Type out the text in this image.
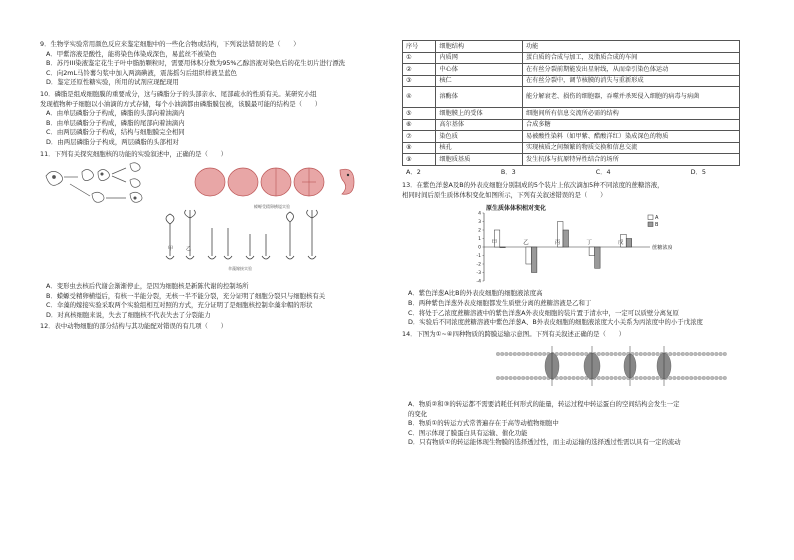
9．生物学实验常用颜色反应来鉴定细胞中的一些化合物或结构，下列说法错误的是（　　）

A．甲紫溶液是酸性，能将染色体染成深色，易蓝丝不被染色

B．苏丹III染液鉴定花生子叶中脂肪颗粒时，需要用体积分数为95%乙醇溶液对染色后的花生切片进行漂洗

C．向2mL马铃薯匀浆中加入两滴碘液，震荡摇匀后组织样液呈蓝色

D．鉴定还原性糖实验，所用的试剂应现配现用

10．磷脂是组成细胞膜的重要成分，这与磷脂分子的头部亲水、尾部疏水的性质有关。某研究小组

发现植物种子细胞以小油滴的方式存储，每个小油滴都由磷脂膜包被，该膜最可能的结构是（　　）

A．由单层磷脂分子构成，磷脂的头部向着油滴内

B．由单层磷脂分子构成，磷脂的尾部向着油滴内

C．由两层磷脂分子构成，结构与细胞膜完全相同

D．由两层磷脂分子构成，两层磷脂的头部相对

11．下列有关探究细胞核的功能的实验叙述中，正确的是（　　）

蝾螈受精卵横缢实验
甲	乙
伞藻嫁接实验

A．变形虫去核后代谢会渐渐停止，是因为细胞核是新陈代谢的控制场所

B．蝾螈受精卵横缢后，有核一半能分裂，无核一半不能分裂，充分证明了细胞分裂只与细胞核有关

C．伞藻的嫁接实验采取两个实验组相互对照的方式，充分证明了是细胞核控制伞藻伞帽的形状

D．对真核细胞来说，失去了细胞核不代表失去了分裂能力

12．表中动物细胞的部分结构与其功能配对错误的有几项（　　）

序号	细胞结构	功能
①	内质网	蛋白质的合成与加工，及脂质合成的车间
②	中心体	在有丝分裂前期能发出星射线，从而牵引染色体运动
③	核仁	在有丝分裂中，调节核膜的消失与重新形成
④	溶酶体	能分解衰老、损伤的细胞器，吞噬并杀死侵入细胞的病毒与病菌
⑤	细胞膜上的受体	细胞间所有信息交流所必需的结构
⑥	高尔基体	合成多糖
⑦	染色质	易被酸性染料（如甲紫、醋酸洋红）染成深色的物质
⑧	核孔	实现核质之间频繁的物质交换和信息交流
⑨	细胞质基质	发生抗体与抗原特异性结合的场所
A．2	B．3	C．4	D．5

13．在紫色洋葱A及B的外表皮细胞分别制成的5个装片上依次滴加5种不同浓度的蔗糖溶液，

相同时间后原生质体体积变化如图所示，下列有关叙述错误的是（　　）

原生质体体积相对变化
蔗糖浓度
4
3
2
1
0
-1
-2
-3
-4
甲	乙	丙	丁	戊
A
B

A．紫色洋葱A比B的外表皮细胞的细胞液浓度高

B．两种紫色洋葱外表皮细胞都发生质壁分离的蔗糖溶液是乙和丁

C．将处于乙浓度蔗糖溶液中的紫色洋葱A外表皮细胞的装片置于清水中，一定可以质壁分离复原

D．实验后不同浓度蔗糖溶液中紫色洋葱A、B外表皮细胞的细胞液浓度大小关系为丙浓度中的小于戊浓度

14．下图为①~④四种物质的跨膜运输示意图。下列有关叙述正确的是（　　）

A．物质②和③的转运都不需要消耗任何形式的能量，转运过程中转运蛋白的空间结构会发生一定

的变化

B．物质①的转运方式常普遍存在于高等动植物细胞中

C．图示体现了膜蛋白具有运输、催化功能

D．只有物质①的转运能体现生物膜的选择透过性，而主动运输的选择透过性需以具有一定的流动
